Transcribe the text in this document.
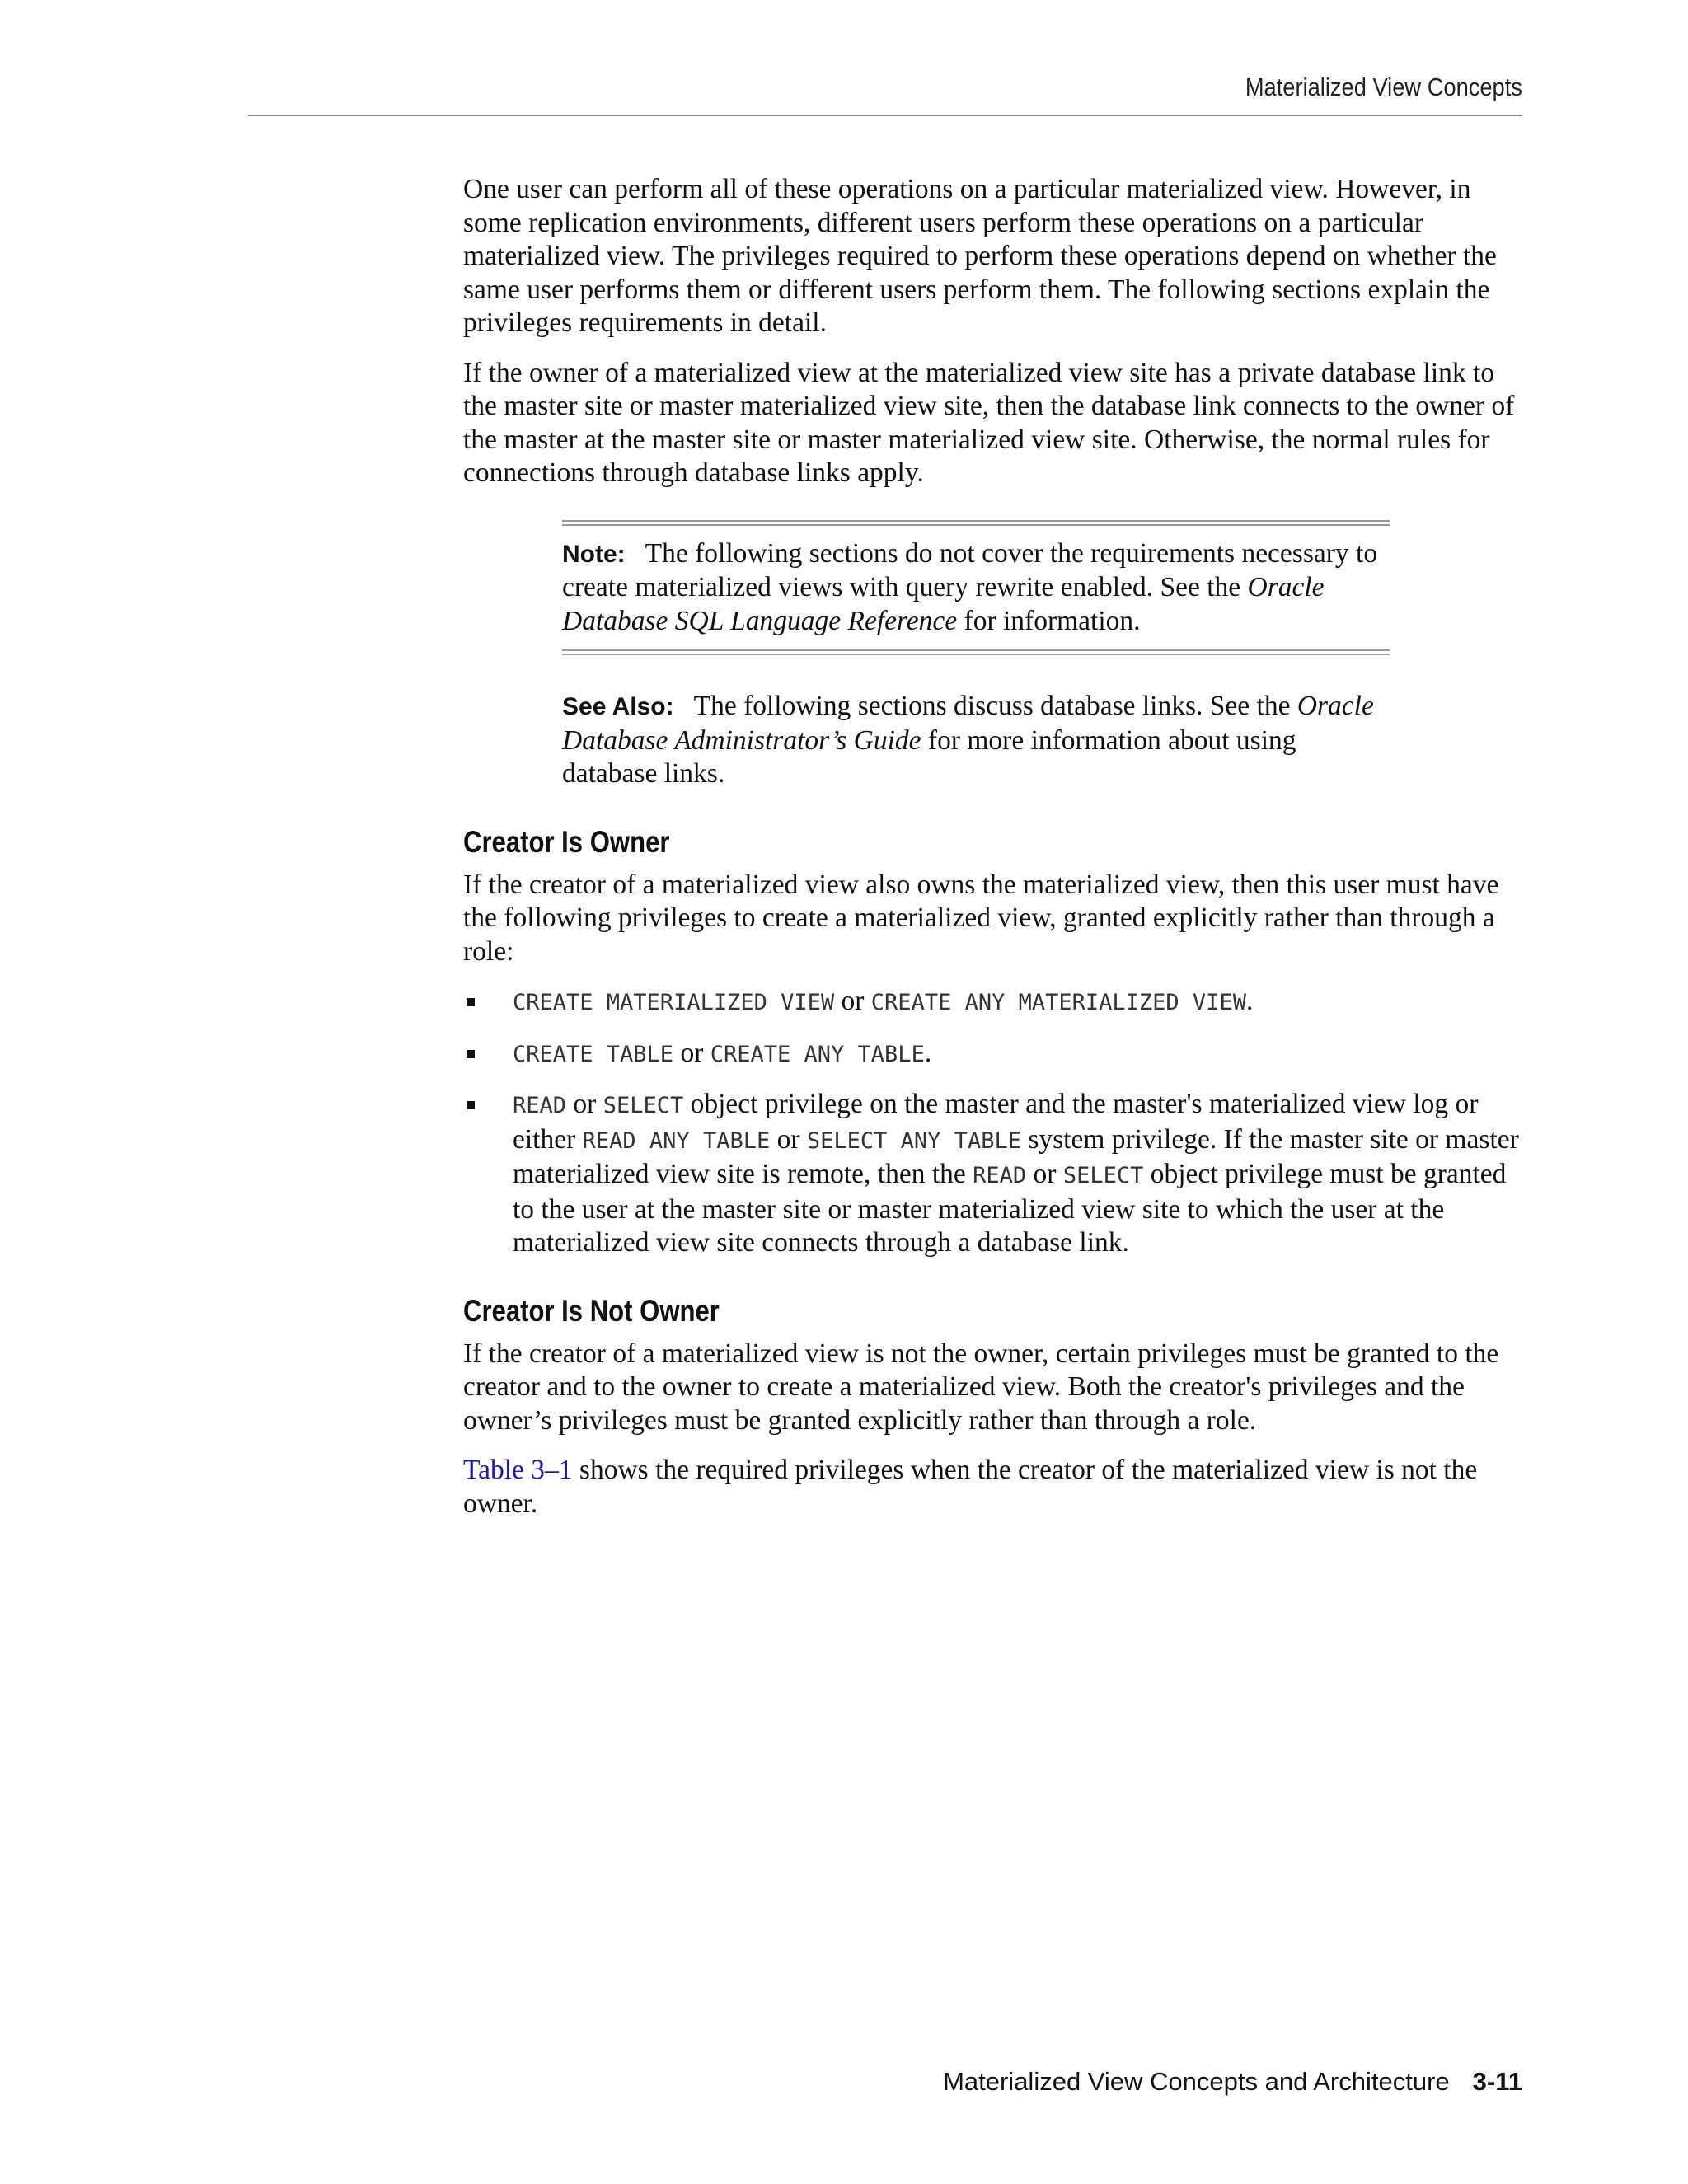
Materialized View Concepts

One user can perform all of these operations on a particular materialized view. However, in some replication environments, different users perform these operations on a particular materialized view. The privileges required to perform these operations depend on whether the same user performs them or different users perform them. The following sections explain the privileges requirements in detail.

If the owner of a materialized view at the materialized view site has a private database link to the master site or master materialized view site, then the database link connects to the owner of the master at the master site or master materialized view site. Otherwise, the normal rules for connections through database links apply.

Note: The following sections do not cover the requirements necessary to create materialized views with query rewrite enabled. See the Oracle Database SQL Language Reference for information.
See Also: The following sections discuss database links. See the Oracle Database Administrator’s Guide for more information about using database links.
Creator Is Owner

If the creator of a materialized view also owns the materialized view, then this user must have the following privileges to create a materialized view, granted explicitly rather than through a role:

CREATE MATERIALIZED VIEW or CREATE ANY MATERIALIZED VIEW.
CREATE TABLE or CREATE ANY TABLE.
READ or SELECT object privilege on the master and the master's materialized view log or either READ ANY TABLE or SELECT ANY TABLE system privilege. If the master site or master materialized view site is remote, then the READ or SELECT object privilege must be granted to the user at the master site or master materialized view site to which the user at the materialized view site connects through a database link.
Creator Is Not Owner

If the creator of a materialized view is not the owner, certain privileges must be granted to the creator and to the owner to create a materialized view. Both the creator's privileges and the owner’s privileges must be granted explicitly rather than through a role.

Table 3–1 shows the required privileges when the creator of the materialized view is not the owner.

Materialized View Concepts and Architecture 3-11
